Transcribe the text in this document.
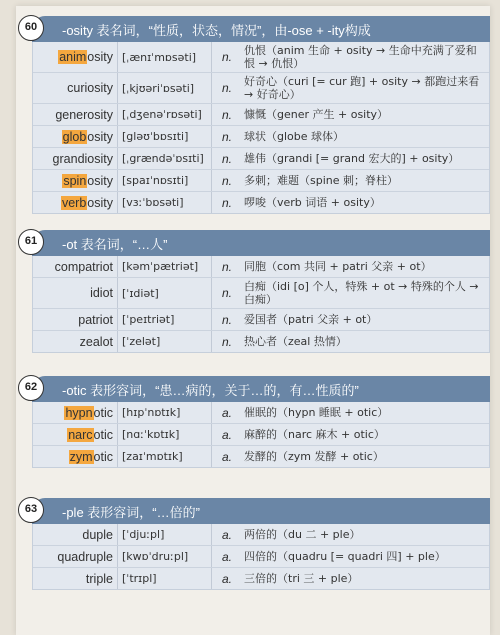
60	-osity 表名词，“性质，状态，情况”，由-ose + -ity构成
animosity [ˌænɪˈmɒsəti]	n.	仇恨（anim 生命 + osity → 生命中充满了爱和恨 → 仇恨）
curiosity [ˌkjʊəriˈɒsəti]	n.	好奇心（curi [= cur 跑] + osity → 都跑过来看 → 好奇心）
generosity [ˌdʒenəˈrɒsəti]	n.	慷慨（gener 产生 + osity）
globosity [gləʊˈbɒsɪti]	n.	球状（globe 球体）
grandiosity [ˌgrændəˈɒsɪti]	n.	雄伟（grandi [= grand 宏大的] + osity）
spinosity [spaɪˈnɒsɪti]	n.	多刺；难题（spine 刺；脊柱）
verbosity [vɜːˈbɒsəti]	n.	啰唆（verb 词语 + osity）
61	-ot 表名词，“…人”
compatriot [kəmˈpætriət]	n.	同胞（com 共同 + patri 父亲 + ot）
idiot [ˈɪdiət]	n.	白痴（idi [o] 个人，特殊 + ot → 特殊的个人 → 白痴）
patriot [ˈpeɪtriət]	n.	爱国者（patri 父亲 + ot）
zealot [ˈzelət]	n.	热心者（zeal 热情）
62	-otic 表形容词，“患…病的，关于…的，有…性质的”
hypnotic [hɪpˈnɒtɪk]	a.	催眠的（hypn 睡眠 + otic）
narcotic [nɑːˈkɒtɪk]	a.	麻醉的（narc 麻木 + otic）
zymotic [zaɪˈmɒtɪk]	a.	发酵的（zym 发酵 + otic）
63	-ple 表形容词，“…倍的”
duple [ˈdjuːpl]	a.	两倍的（du 二 + ple）
quadruple [kwɒˈdruːpl]	a.	四倍的（quadru [= quadri 四] + ple）
triple [ˈtrɪpl]	a.	三倍的（tri 三 + ple）
